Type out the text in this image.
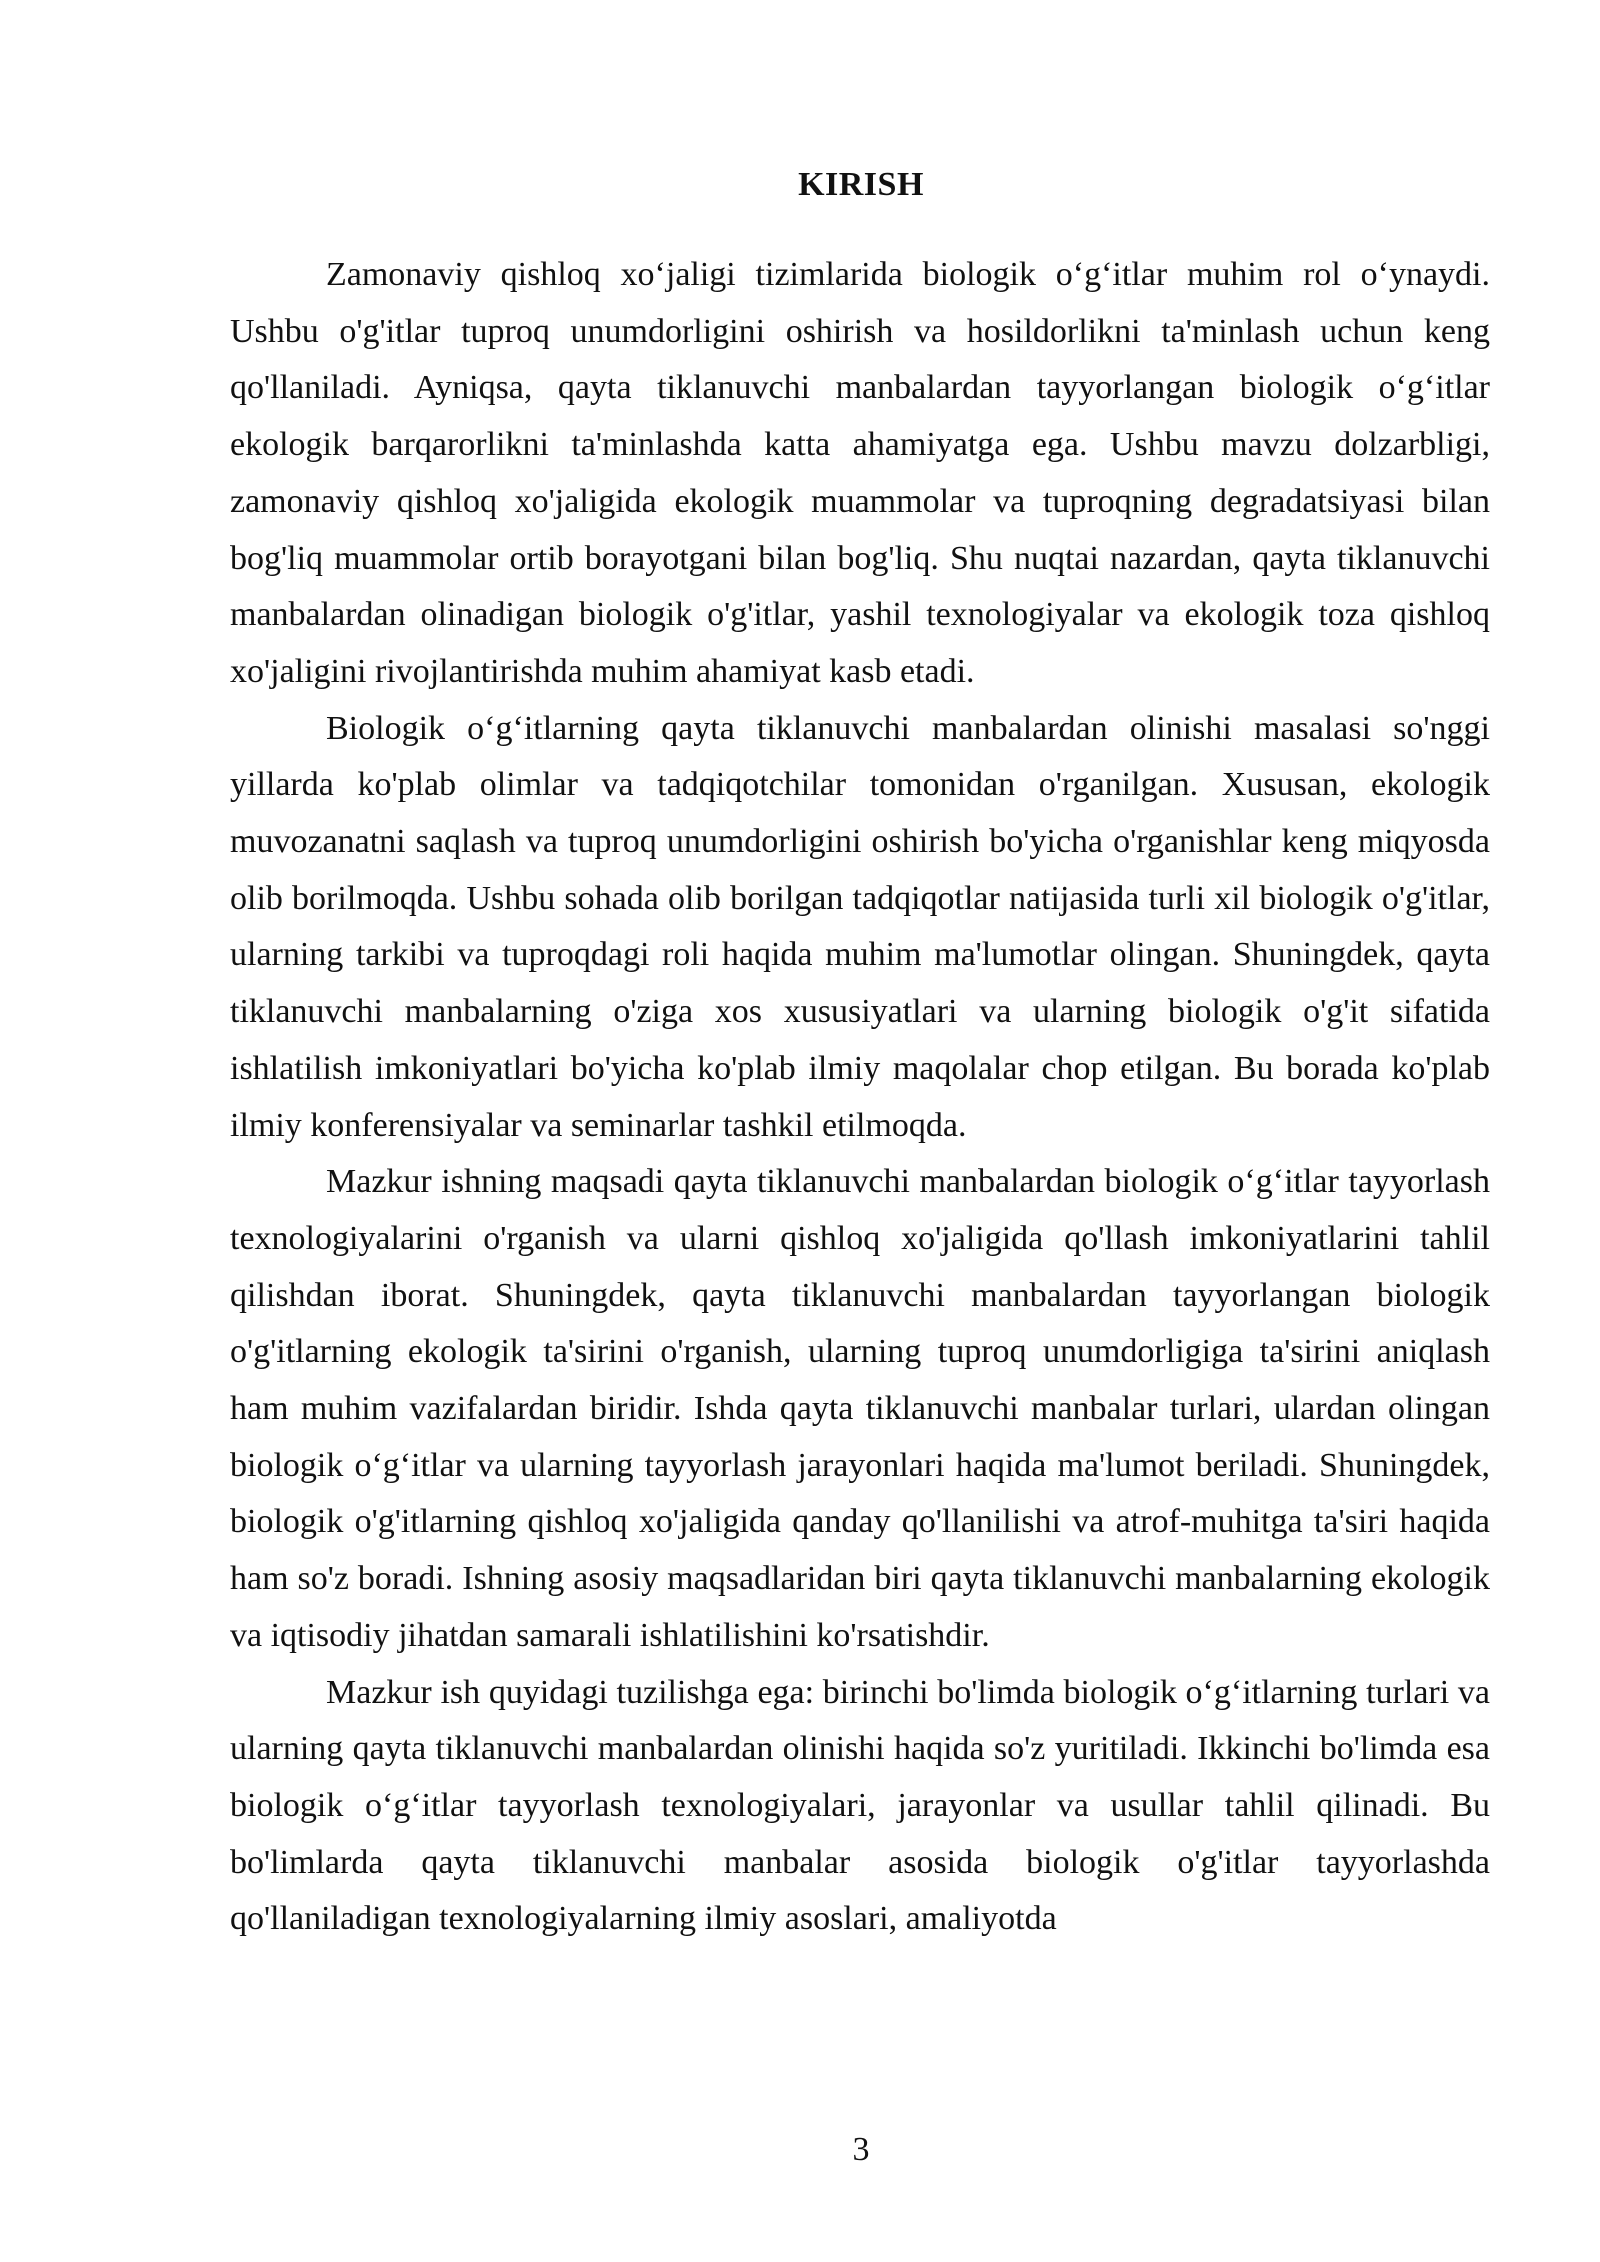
KIRISH

Zamonaviy qishloq xo‘jaligi tizimlarida biologik o‘g‘itlar muhim rol o‘ynaydi. Ushbu o'g'itlar tuproq unumdorligini oshirish va hosildorlikni ta'minlash uchun keng qo'llaniladi. Ayniqsa, qayta tiklanuvchi manbalardan tayyorlangan biologik o‘g‘itlar ekologik barqarorlikni ta'minlashda katta ahamiyatga ega. Ushbu mavzu dolzarbligi, zamonaviy qishloq xo'jaligida ekologik muammolar va tuproqning degradatsiyasi bilan bog'liq muammolar ortib borayotgani bilan bog'liq. Shu nuqtai nazardan, qayta tiklanuvchi manbalardan olinadigan biologik o'g'itlar, yashil texnologiyalar va ekologik toza qishloq xo'jaligini rivojlantirishda muhim ahamiyat kasb etadi.

Biologik o‘g‘itlarning qayta tiklanuvchi manbalardan olinishi masalasi so'nggi yillarda ko'plab olimlar va tadqiqotchilar tomonidan o'rganilgan. Xususan, ekologik muvozanatni saqlash va tuproq unumdorligini oshirish bo'yicha o'rganishlar keng miqyosda olib borilmoqda. Ushbu sohada olib borilgan tadqiqotlar natijasida turli xil biologik o'g'itlar, ularning tarkibi va tuproqdagi roli haqida muhim ma'lumotlar olingan. Shuningdek, qayta tiklanuvchi manbalarning o'ziga xos xususiyatlari va ularning biologik o'g'it sifatida ishlatilish imkoniyatlari bo'yicha ko'plab ilmiy maqolalar chop etilgan. Bu borada ko'plab ilmiy konferensiyalar va seminarlar tashkil etilmoqda.

Mazkur ishning maqsadi qayta tiklanuvchi manbalardan biologik o‘g‘itlar tayyorlash texnologiyalarini o'rganish va ularni qishloq xo'jaligida qo'llash imkoniyatlarini tahlil qilishdan iborat. Shuningdek, qayta tiklanuvchi manbalardan tayyorlangan biologik o'g'itlarning ekologik ta'sirini o'rganish, ularning tuproq unumdorligiga ta'sirini aniqlash ham muhim vazifalardan biridir. Ishda qayta tiklanuvchi manbalar turlari, ulardan olingan biologik o‘g‘itlar va ularning tayyorlash jarayonlari haqida ma'lumot beriladi. Shuningdek, biologik o'g'itlarning qishloq xo'jaligida qanday qo'llanilishi va atrof-muhitga ta'siri haqida ham so'z boradi. Ishning asosiy maqsadlaridan biri qayta tiklanuvchi manbalarning ekologik va iqtisodiy jihatdan samarali ishlatilishini ko'rsatishdir.

Mazkur ish quyidagi tuzilishga ega: birinchi bo'limda biologik o‘g‘itlarning turlari va ularning qayta tiklanuvchi manbalardan olinishi haqida so'z yuritiladi. Ikkinchi bo'limda esa biologik o‘g‘itlar tayyorlash texnologiyalari, jarayonlar va usullar tahlil qilinadi. Bu bo'limlarda qayta tiklanuvchi manbalar asosida biologik o'g'itlar tayyorlashda qo'llaniladigan texnologiyalarning ilmiy asoslari, amaliyotda

3
